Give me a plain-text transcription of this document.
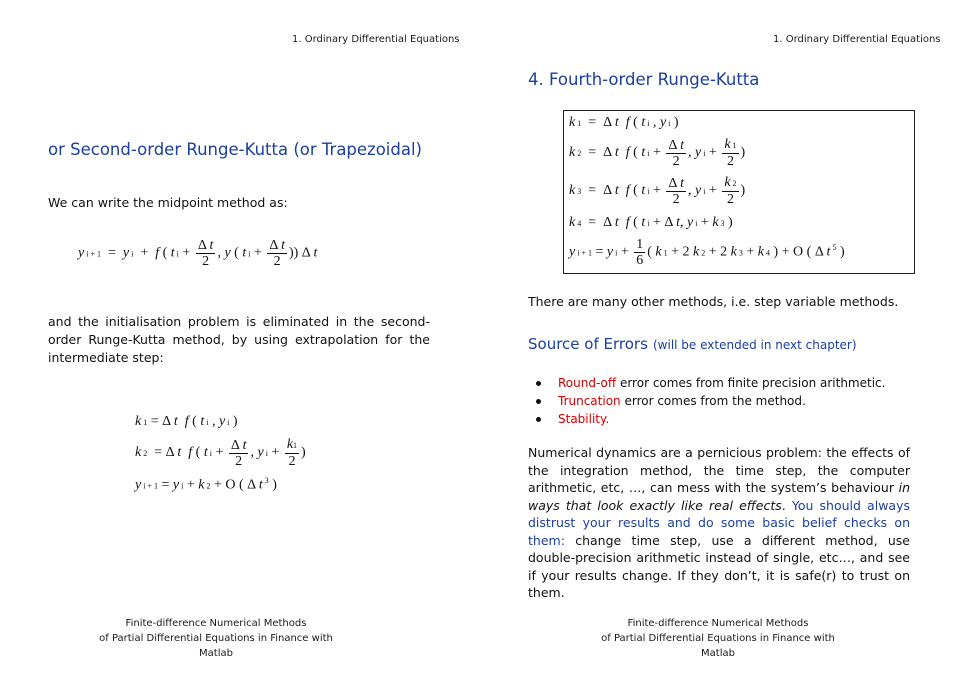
1. Ordinary Differential Equations
or Second-order Runge-Kutta (or Trapezoidal)
We can write the midpoint method as:
y i + 1  =  y i  +  f ( t $i + \frac{\text{Δ t}}{2}$ , y ( t $i + \frac{\text{Δ t}}{2}$ )) Δ t
and the initialisation problem is eliminated in the second-order Runge-Kutta method, by using extrapolation for the intermediate step:
k 1 = Δ t f ( t i , y i )
k 2  = Δ t f ( t $i + \frac{\text{Δ t}}{2}$ , y $i + \frac{k1}{2}$ )
y i + 1 = y i + k 2 + O ( Δ t $^3$ )
Finite-difference Numerical Methods
of Partial Differential Equations in Finance with Matlab
1. Ordinary Differential Equations
4. Fourth-order Runge-Kutta
k 1  =  Δ t f ( t i , y i )
k 2  =  Δ t f ( t $i + \frac{\text{Δ t}}{2}$ , y $i + \frac{k 1}{2}$ )
k 3  =  Δ t f ( t $i + \frac{\text{Δ t}}{2}$ , y $i + \frac{k 2}{2}$ )
k 4  =  Δ t f ( t i + Δ t, y i + k 3 )
y i + 1 = y $i + \frac{1}{6}$ ( k 1 + 2 k 2 + 2 k 3 + k 4 ) + O ( Δ t $^5$ )
There are many other methods, i.e. step variable methods.
Source of Errors (will be extended in next chapter)
Round-off error comes from finite precision arithmetic.
Truncation error comes from the method.
Stability.
Numerical dynamics are a pernicious problem: the effects of the integration method, the time step, the computer arithmetic, etc, …, can mess with the system’s behaviour in ways that look exactly like real effects. You should always distrust your results and do some basic belief checks on them: change time step, use a different method, use double-precision arithmetic instead of single, etc…, and see if your results change. If they don’t, it is safe(r) to trust on them.
Finite-difference Numerical Methods
of Partial Differential Equations in Finance with Matlab
